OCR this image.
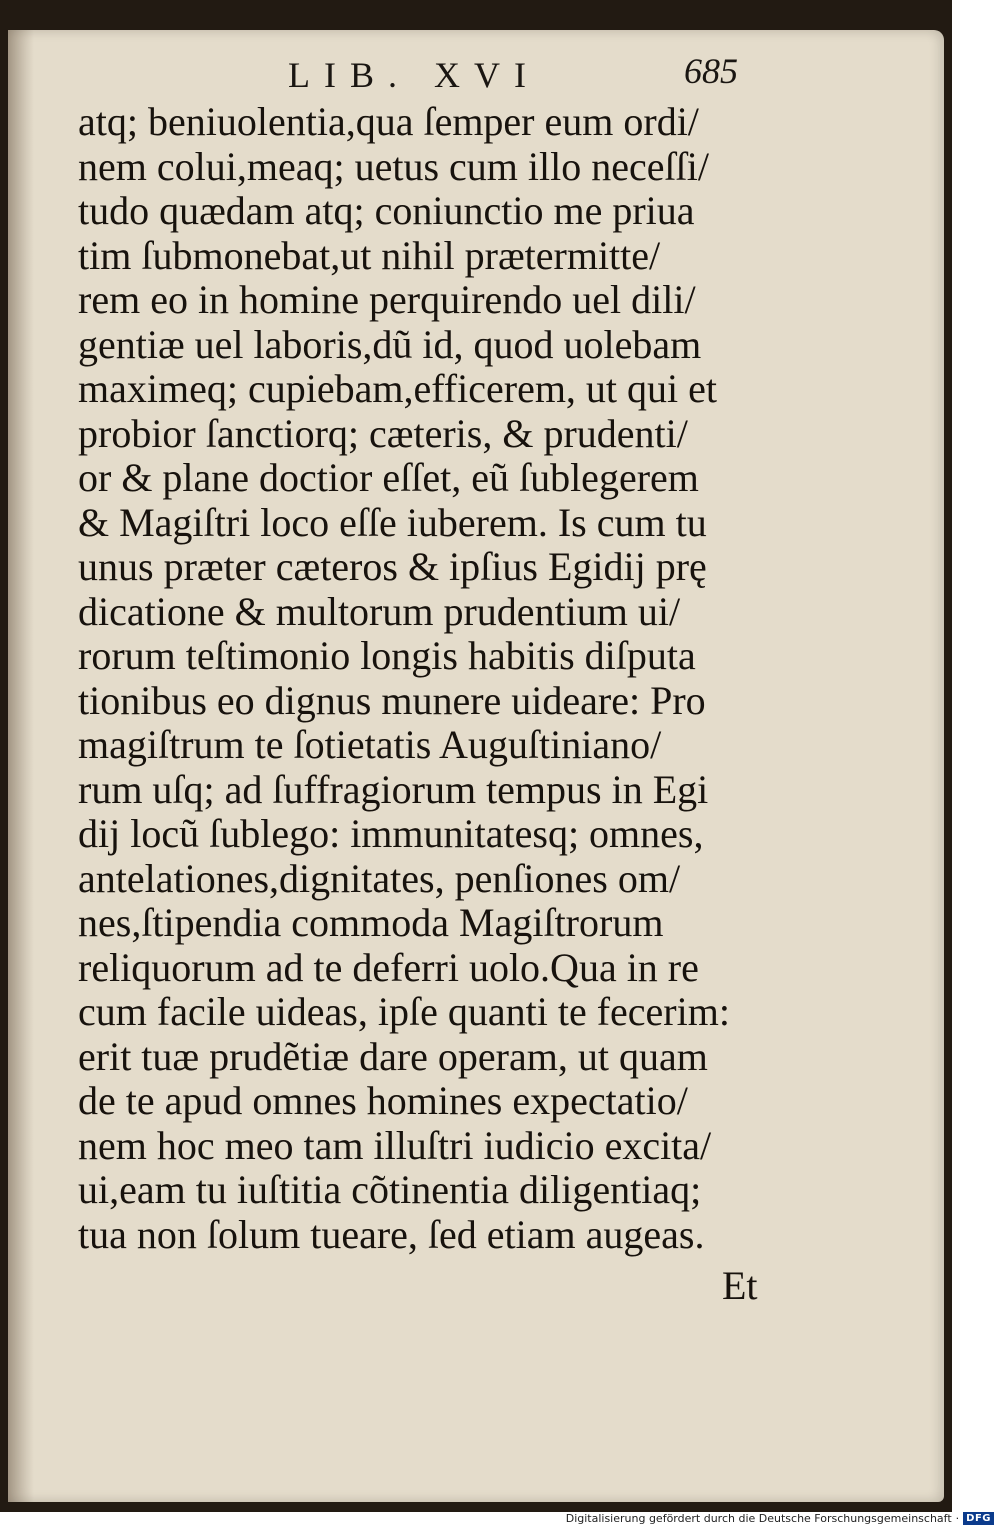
LIB. XVI	685
atq; beniuolentia,qua ſemper eum ordi/
nem colui,meaq; uetus cum illo neceſſi/
tudo quædam atq; coniunctio me priua
tim ſubmonebat,ut nihil prætermitte/
rem eo in homine perquirendo uel dili/
gentiæ uel laboris,dũ id, quod uolebam
maximeq; cupiebam,efficerem, ut qui et
probior ſanctiorq; cæteris, & prudenti/
or & plane doctior eſſet, eũ ſublegerem
& Magiſtri loco eſſe iuberem. Is cum tu
unus præter cæteros & ipſius Egidij prę
dicatione & multorum prudentium ui/
rorum teſtimonio longis habitis diſputa
tionibus eo dignus munere uideare: Pro
magiſtrum te ſotietatis Auguſtiniano/
rum uſq; ad ſuffragiorum tempus in Egi
dij locũ ſublego: immunitatesq; omnes,
antelationes,dignitates, penſiones om/
nes,ſtipendia commoda Magiſtrorum
reliquorum ad te deferri uolo.Qua in re
cum facile uideas, ipſe quanti te fecerim:
erit tuæ prudẽtiæ dare operam, ut quam
de te apud omnes homines expectatio/
nem hoc meo tam illuſtri iudicio excita/
ui,eam tu iuſtitia cõtinentia diligentiaq;
tua non ſolum tueare, ſed etiam augeas.
Et
Digitalisierung gefördert durch die Deutsche Forschungsgemeinschaft · DFG
